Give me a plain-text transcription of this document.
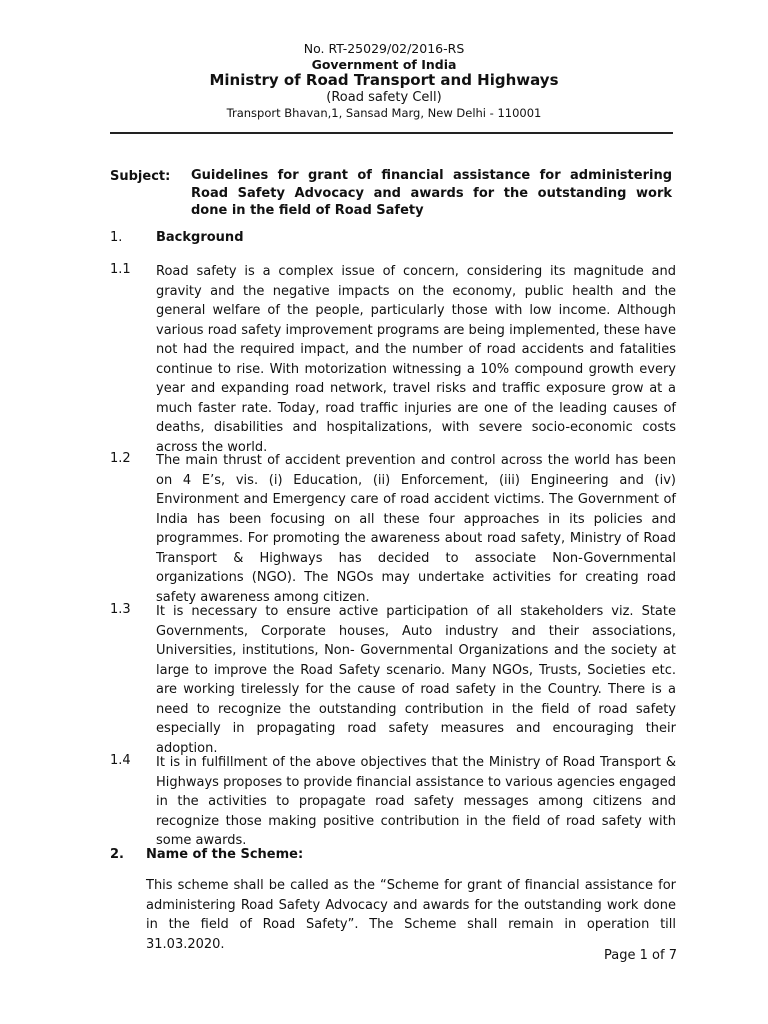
No. RT-25029/02/2016-RS
Government of India
Ministry of Road Transport and Highways
(Road safety Cell)
Transport Bhavan,1, Sansad Marg, New Delhi - 110001
Subject: Guidelines for grant of financial assistance for administering Road Safety Advocacy and awards for the outstanding work done in the field of Road Safety
1.	Background
1.1 Road safety is a complex issue of concern, considering its magnitude and gravity and the negative impacts on the economy, public health and the general welfare of the people, particularly those with low income. Although various road safety improvement programs are being implemented, these have not had the required impact, and the number of road accidents and fatalities continue to rise. With motorization witnessing a 10% compound growth every year and expanding road network, travel risks and traffic exposure grow at a much faster rate. Today, road traffic injuries are one of the leading causes of deaths, disabilities and hospitalizations, with severe socio-economic costs across the world.
1.2 The main thrust of accident prevention and control across the world has been on 4 E’s, vis. (i) Education, (ii) Enforcement, (iii) Engineering and (iv) Environment and Emergency care of road accident victims. The Government of India has been focusing on all these four approaches in its policies and programmes. For promoting the awareness about road safety, Ministry of Road Transport & Highways has decided to associate Non-Governmental organizations (NGO). The NGOs may undertake activities for creating road safety awareness among citizen.
1.3 It is necessary to ensure active participation of all stakeholders viz. State Governments, Corporate houses, Auto industry and their associations, Universities, institutions, Non- Governmental Organizations and the society at large to improve the Road Safety scenario. Many NGOs, Trusts, Societies etc. are working tirelessly for the cause of road safety in the Country. There is a need to recognize the outstanding contribution in the field of road safety especially in propagating road safety measures and encouraging their adoption.
1.4 It is in fulfillment of the above objectives that the Ministry of Road Transport & Highways proposes to provide financial assistance to various agencies engaged in the activities to propagate road safety messages among citizens and recognize those making positive contribution in the field of road safety with some awards.
2. Name of the Scheme:
This scheme shall be called as the “Scheme for grant of financial assistance for administering Road Safety Advocacy and awards for the outstanding work done in the field of Road Safety”. The Scheme shall remain in operation till 31.03.2020.
Page 1 of 7
